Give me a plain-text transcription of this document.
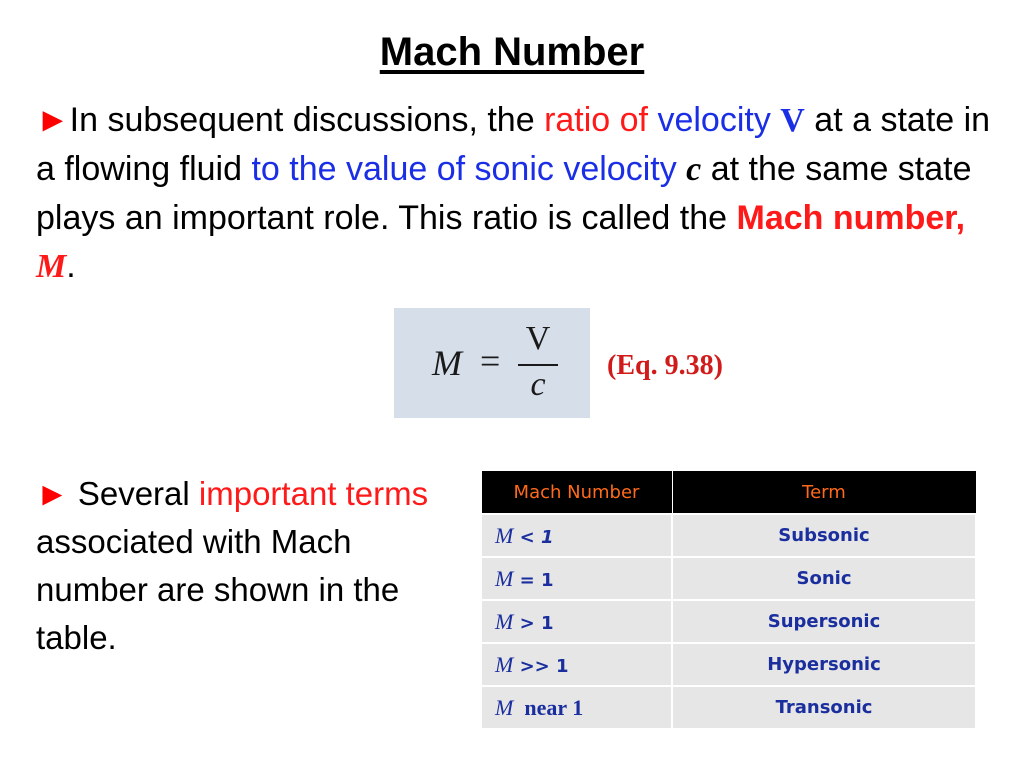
Mach Number

►In subsequent discussions, the ratio of velocity V at a state in a flowing fluid to the value of sonic velocity c at the same state plays an important role. This ratio is called the Mach number, M.

M =
V
c
(Eq. 9.38)

► Several important terms associated with Mach number are shown in the table.

Mach Number	Term
M < 1	Subsonic
M = 1	Sonic
M > 1	Supersonic
M >> 1	Hypersonic
M  near 1	Transonic
